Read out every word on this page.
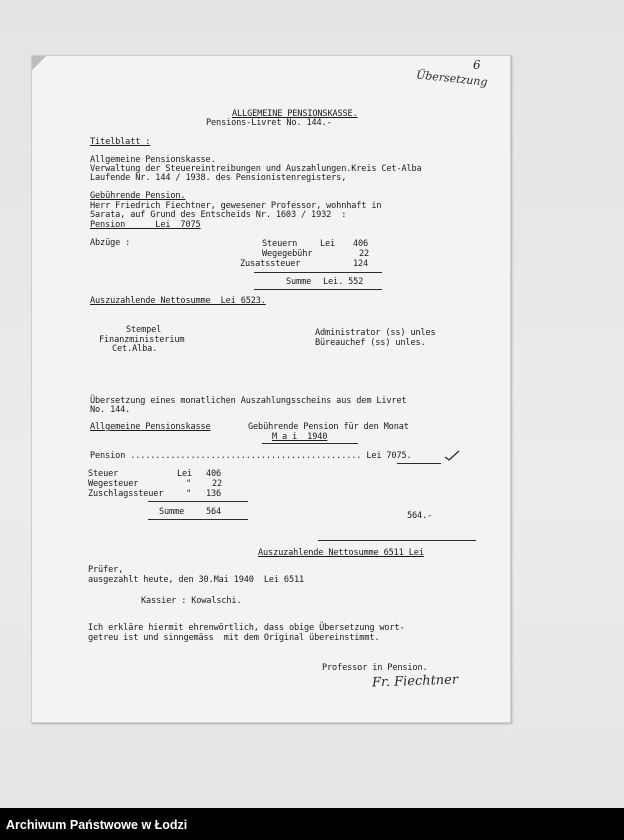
6
Übersetzung
ALLGEMEINE PENSIONSKASSE.
Pensions-Livret No. 144.-
Titelblatt :
Allgemeine Pensionskasse.
Verwaltung der Steuereintreibungen und Auszahlungen.Kreis Cet-Alba
Laufende Nr. 144 / 1938. des Pensionistenregisters,
Gebührende Pension.
Herr Friedrich Fiechtner, gewesener Professor, wohnhaft in
Sarata, auf Grund des Entscheids Nr. 1603 / 1932  :
Pension      Lei  7075
Abzüge :	Steuern	Lei 406
Wegegebühr	22
Zusatssteuer	124
Summe Lei. 552
Auszuzahlende Nettosumme  Lei 6523.
Stempel
Finanzministerium
Cet.Alba.
Administrator (ss) unles
Büreauchef (ss) unles.
Übersetzung eines monatlichen Auszahlungsscheins aus dem Livret
No. 144.
Allgemeine Pensionskasse	Gebührende Pension für den Monat
M a i  1940
Pension .............................................. Lei 7075.
Steuer	Lei 406
Wegesteuer	" 22
Zuschlagssteuer	" 136
Summe	564	564.-
Auszuzahlende Nettosumme 6511 Lei
Prüfer,
ausgezahlt heute, den 30.Mai 1940  Lei 6511
Kassier : Kowalschi.
Ich erkläre hiermit ehrenwörtlich, dass obige Übersetzung wort-
getreu ist und sinngemäss  mit dem Original übereinstimmt.
Professor in Pension.
Fr. Fiechtner
Archiwum Państwowe w Łodzi
